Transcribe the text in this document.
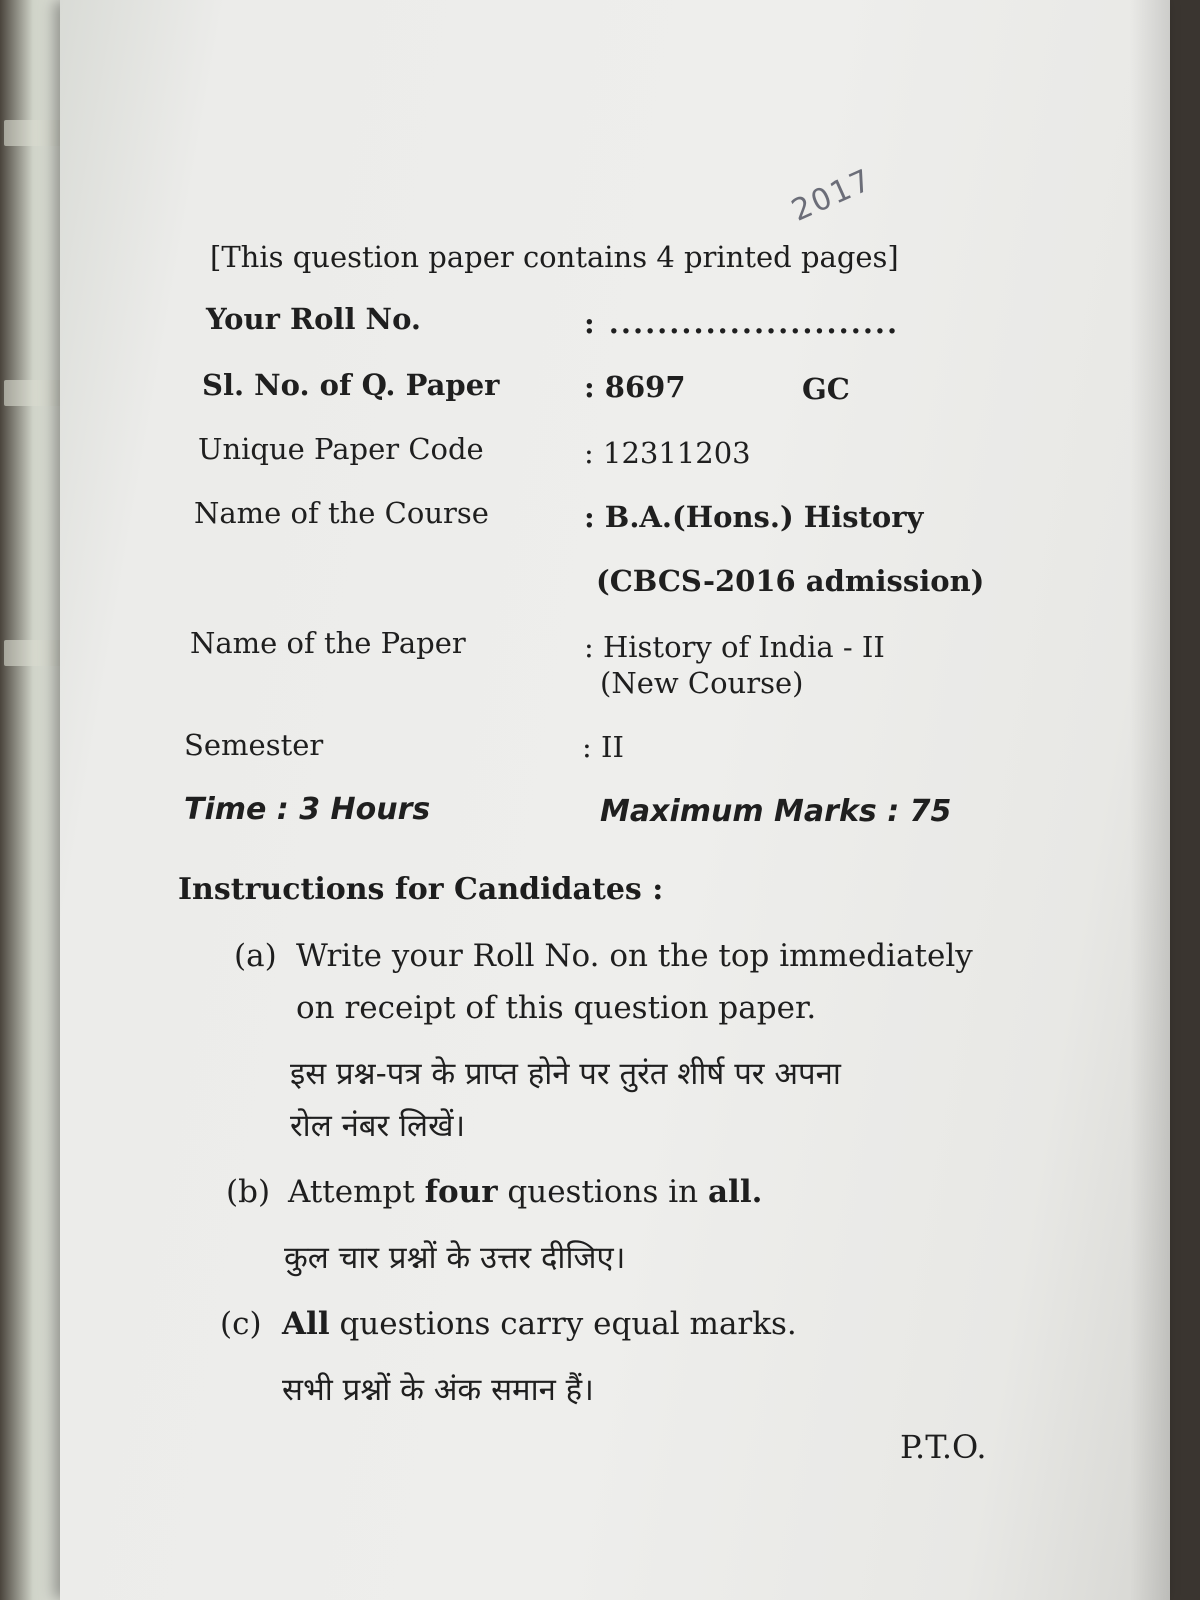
2017
[This question paper contains 4 printed pages]
Your Roll No.	: ........................
Sl. No. of Q. Paper	: 8697	GC
Unique Paper Code	: 12311203
Name of the Course	: B.A.(Hons.) History
(CBCS-2016 admission)
Name of the Paper	: History of India - II
(New Course)
Semester	: II
Time : 3 Hours	Maximum Marks : 75
Instructions for Candidates :
(a) Write your Roll No. on the top immediately
on receipt of this question paper.
इस प्रश्न-पत्र के प्राप्त होने पर तुरंत शीर्ष पर अपना
रोल नंबर लिखें।
(b) Attempt four questions in all.
कुल चार प्रश्नों के उत्तर दीजिए।
(c) All questions carry equal marks.
सभी प्रश्नों के अंक समान हैं।
P.T.O.
